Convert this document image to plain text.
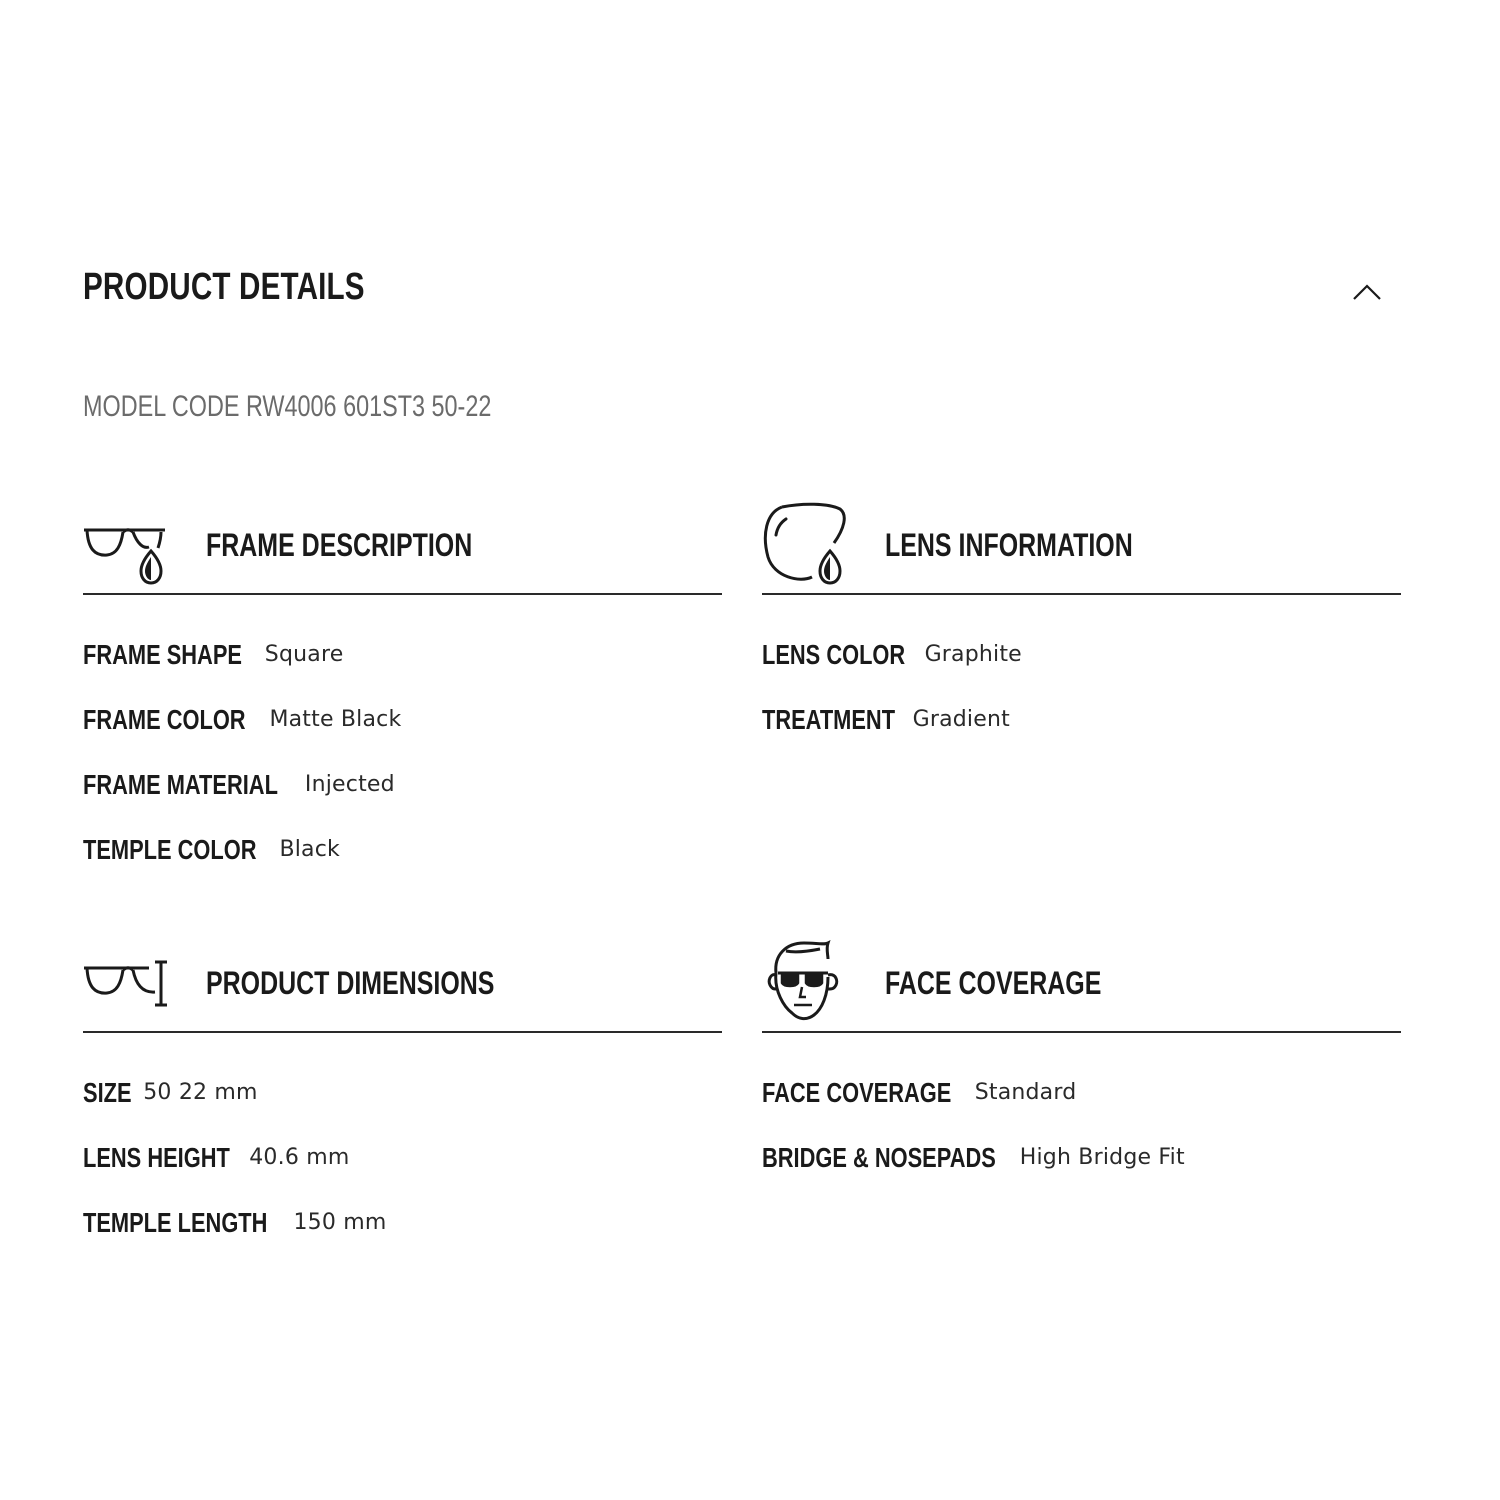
PRODUCT DETAILS
MODEL CODE RW4006 601ST3 50-22
FRAME DESCRIPTION
FRAME SHAPE	Square
FRAME COLOR	Matte Black
FRAME MATERIAL	Injected
TEMPLE COLOR	Black
LENS INFORMATION
LENS COLOR Graphite
TREATMENT Gradient
PRODUCT DIMENSIONS
SIZE 50 22 mm
LENS HEIGHT 40.6 mm
TEMPLE LENGTH	150 mm
FACE COVERAGE
FACE COVERAGE	Standard
BRIDGE & NOSEPADS	High Bridge Fit
